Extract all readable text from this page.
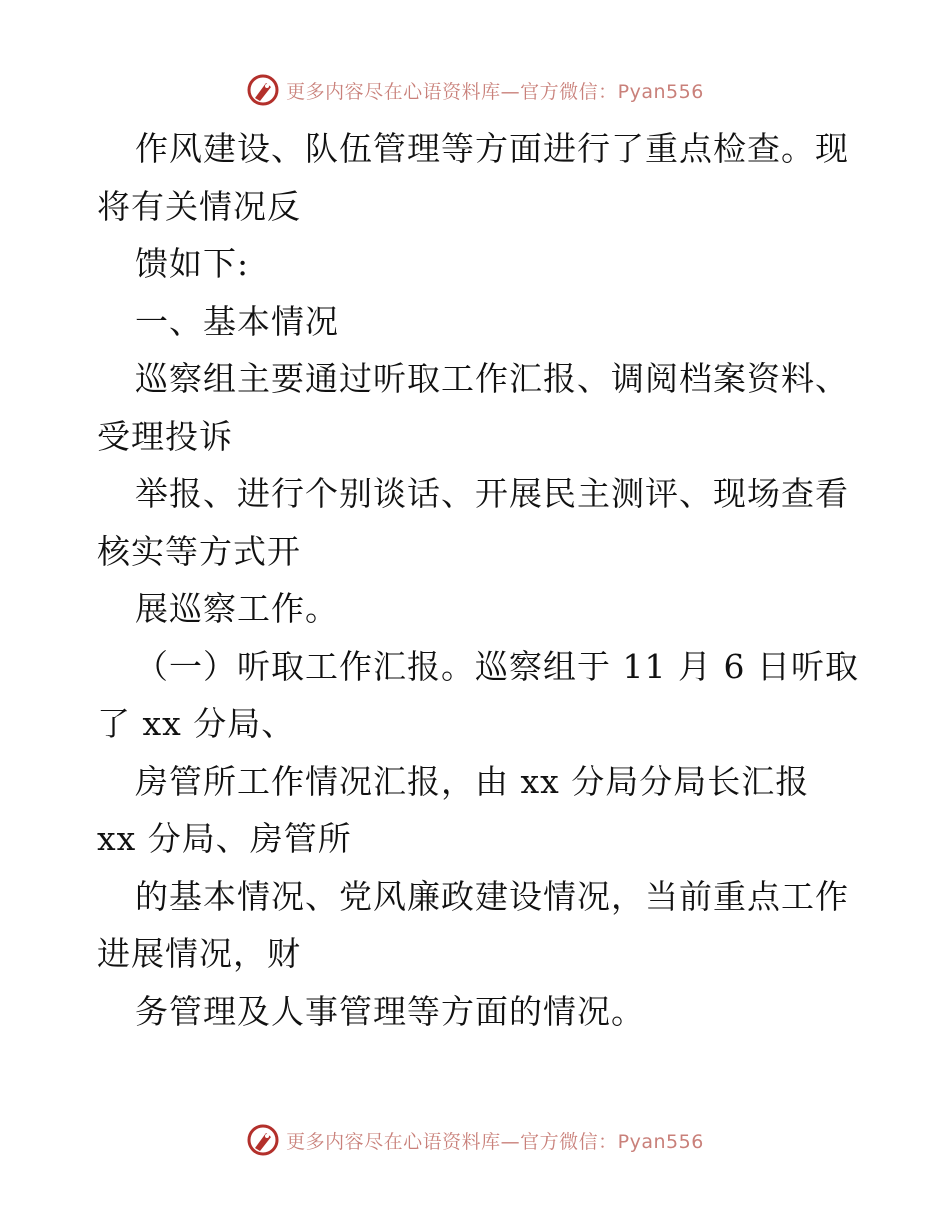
更多内容尽在心语资料库—官方微信：Pyan556
作风建设、队伍管理等方面进行了重点检查。现
将有关情况反
馈如下:
一、基本情况
巡察组主要通过听取工作汇报、调阅档案资料、
受理投诉
举报、进行个别谈话、开展民主测评、现场查看
核实等方式开
展巡察工作。
（一）听取工作汇报。巡察组于 11 月 6 日听取
了 xx 分局、
房管所工作情况汇报，由 xx 分局分局长汇报
xx 分局、房管所
的基本情况、党风廉政建设情况，当前重点工作
进展情况，财
务管理及人事管理等方面的情况。
更多内容尽在心语资料库—官方微信：Pyan556
